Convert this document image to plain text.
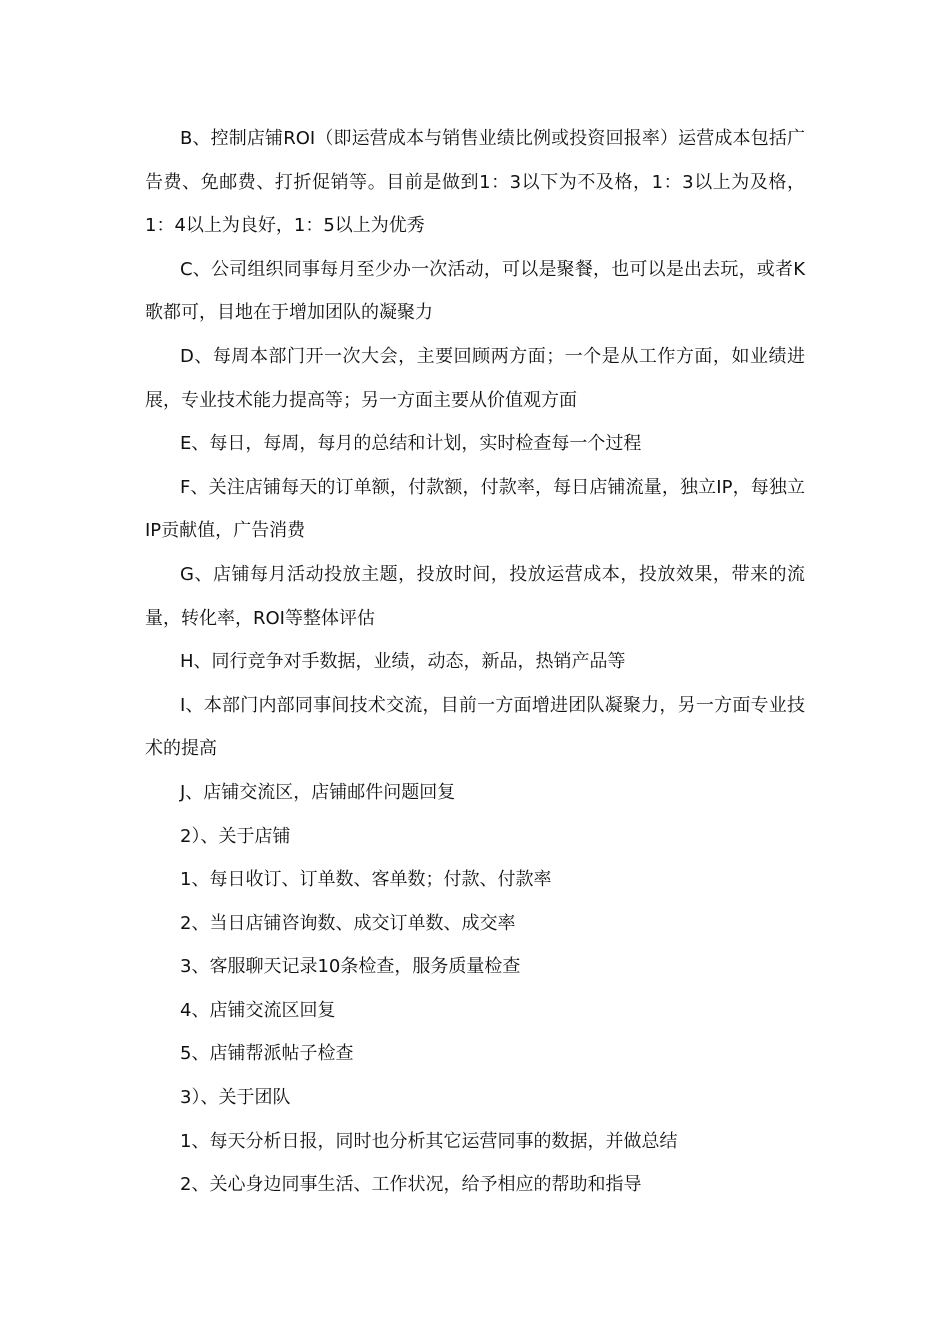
B、控制店铺ROI（即运营成本与销售业绩比例或投资回报率）运营成本包括广告费、免邮费、打折促销等。目前是做到1：3以下为不及格，1：3以上为及格，1：4以上为良好，1：5以上为优秀

C、公司组织同事每月至少办一次活动，可以是聚餐，也可以是出去玩，或者K歌都可，目地在于增加团队的凝聚力

D、每周本部门开一次大会，主要回顾两方面；一个是从工作方面，如业绩进展，专业技术能力提高等；另一方面主要从价值观方面

E、每日，每周，每月的总结和计划，实时检查每一个过程

F、关注店铺每天的订单额，付款额，付款率，每日店铺流量，独立IP，每独立IP贡献值，广告消费

G、店铺每月活动投放主题，投放时间，投放运营成本，投放效果，带来的流量，转化率，ROI等整体评估

H、同行竞争对手数据，业绩，动态，新品，热销产品等

I、本部门内部同事间技术交流，目前一方面增进团队凝聚力，另一方面专业技术的提高

J、店铺交流区，店铺邮件问题回复

2）、关于店铺

1、每日收订、订单数、客单数；付款、付款率

2、当日店铺咨询数、成交订单数、成交率

3、客服聊天记录10条检查，服务质量检查

4、店铺交流区回复

5、店铺帮派帖子检查

3）、关于团队

1、每天分析日报，同时也分析其它运营同事的数据，并做总结

2、关心身边同事生活、工作状况，给予相应的帮助和指导
